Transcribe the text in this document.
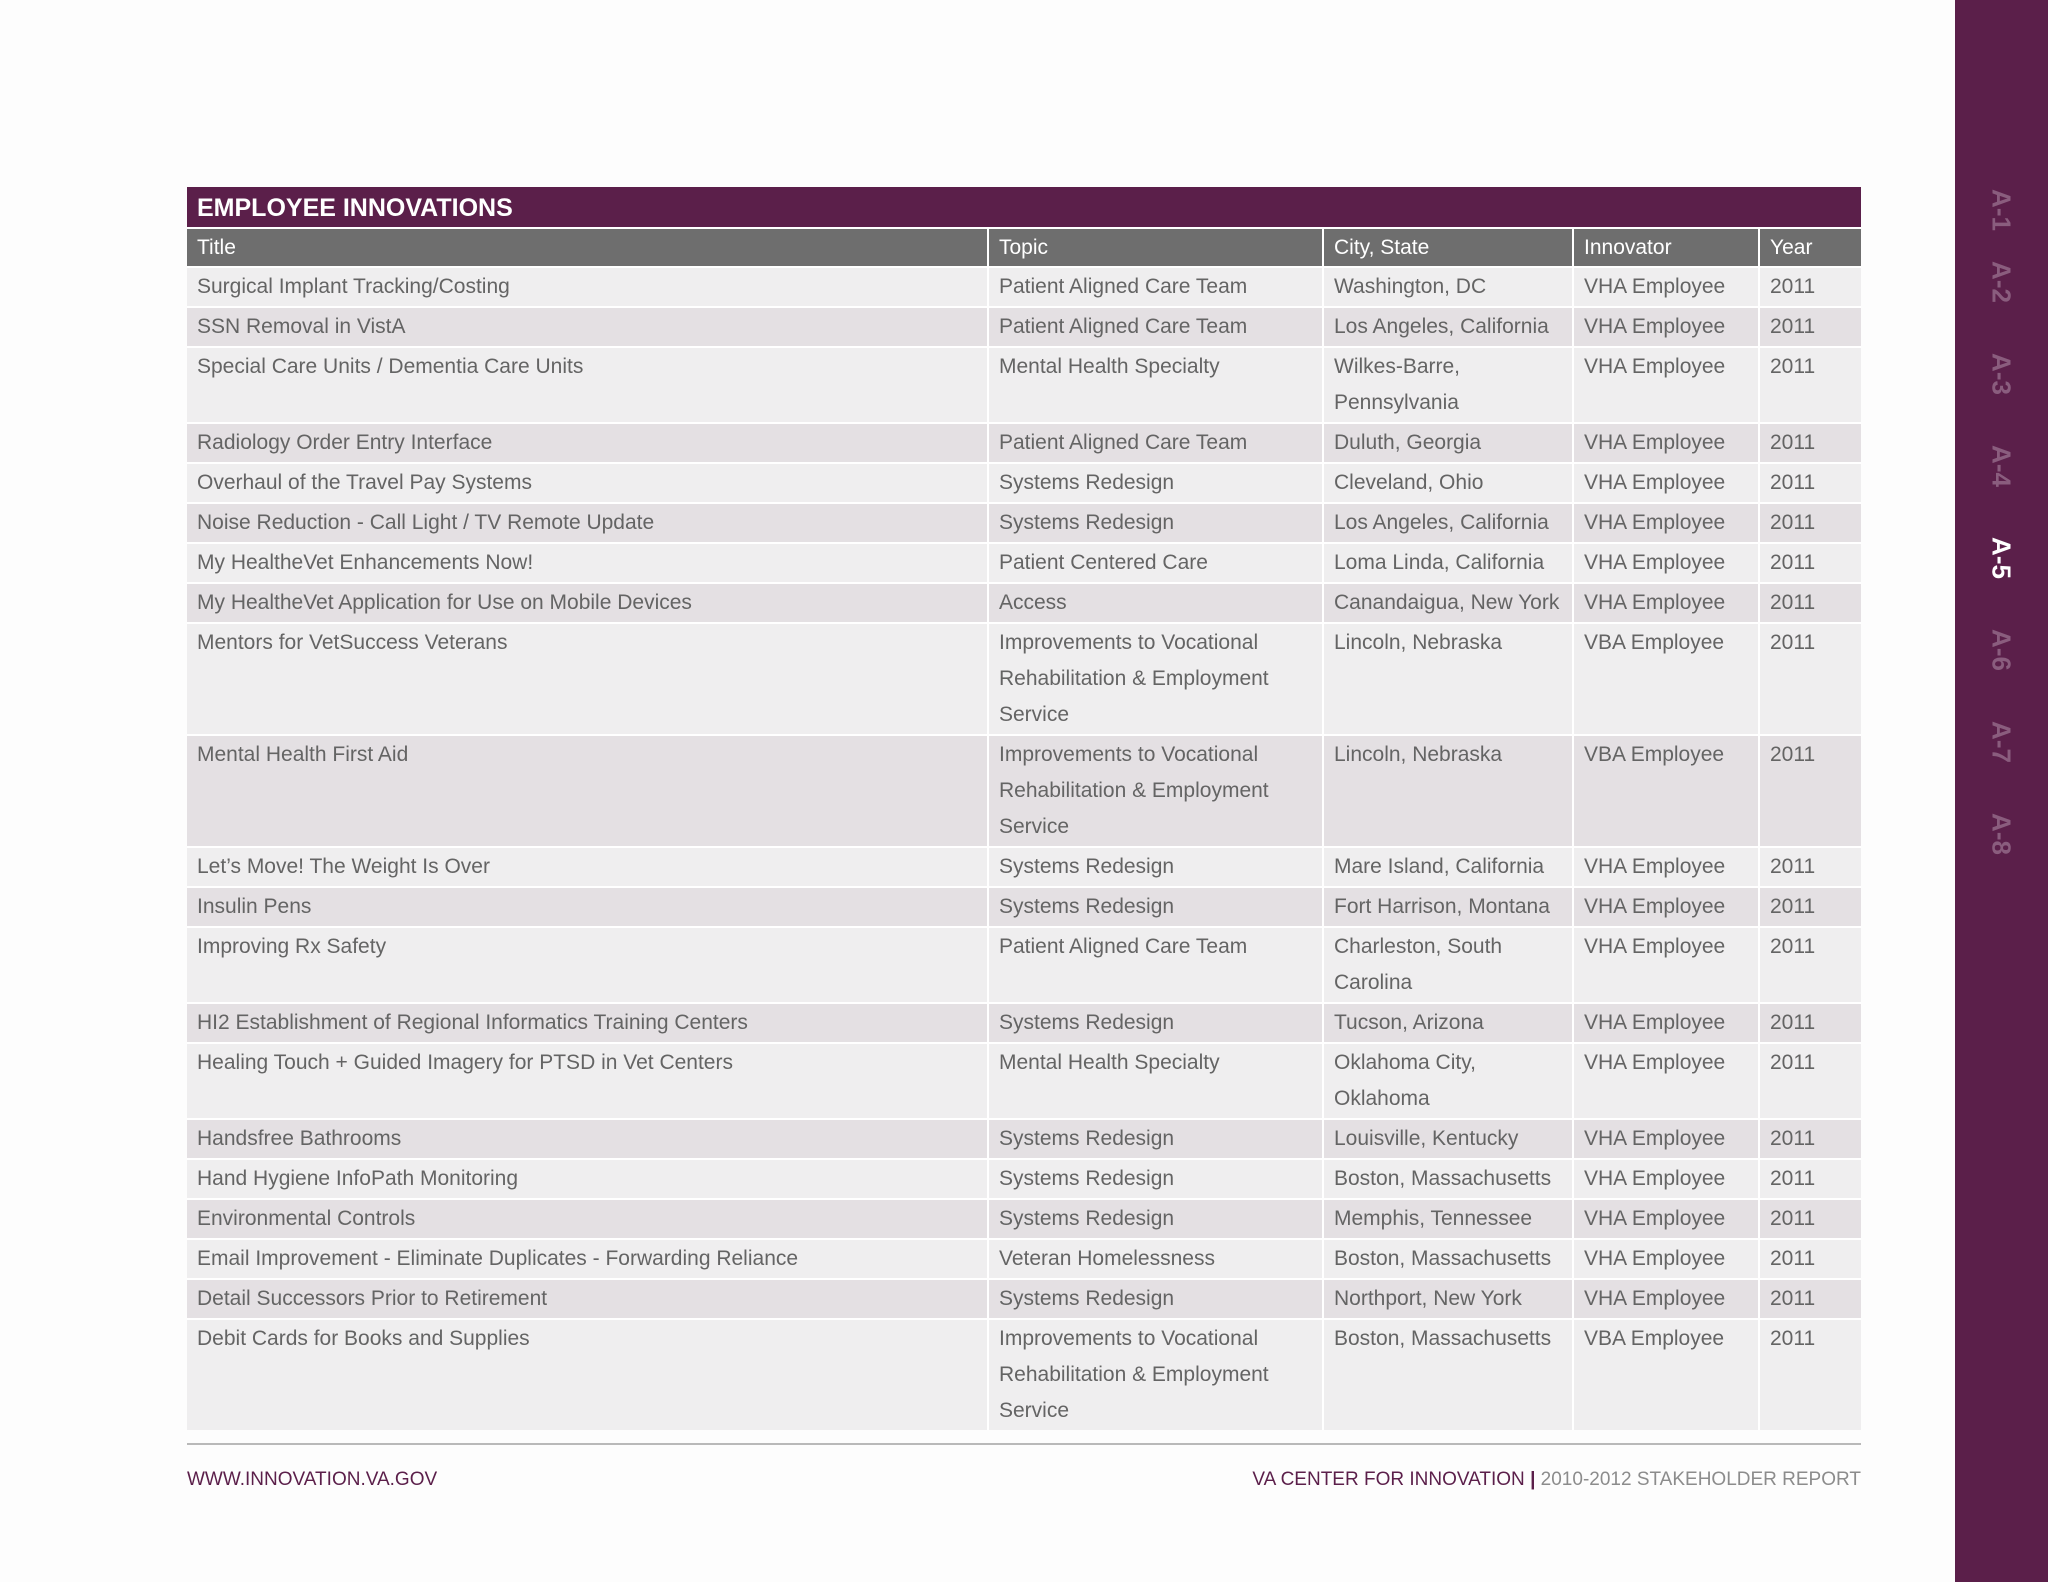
EMPLOYEE INNOVATIONS
Title	Topic	City, State	Innovator	Year
Surgical Implant Tracking/Costing	Patient Aligned Care Team	Washington, DC	VHA Employee	2011
SSN Removal in VistA	Patient Aligned Care Team	Los Angeles, California	VHA Employee	2011
Special Care Units / Dementia Care Units	Mental Health Specialty	Wilkes-Barre, Pennsylvania	VHA Employee	2011
Radiology Order Entry Interface	Patient Aligned Care Team	Duluth, Georgia	VHA Employee	2011
Overhaul of the Travel Pay Systems	Systems Redesign	Cleveland, Ohio	VHA Employee	2011
Noise Reduction - Call Light / TV Remote Update	Systems Redesign	Los Angeles, California	VHA Employee	2011
My HealtheVet Enhancements Now!	Patient Centered Care	Loma Linda, California	VHA Employee	2011
My HealtheVet Application for Use on Mobile Devices	Access	Canandaigua, New York	VHA Employee	2011
Mentors for VetSuccess Veterans	Improvements to Vocational Rehabilitation & Employment Service	Lincoln, Nebraska	VBA Employee	2011
Mental Health First Aid	Improvements to Vocational Rehabilitation & Employment Service	Lincoln, Nebraska	VBA Employee	2011
Let’s Move! The Weight Is Over	Systems Redesign	Mare Island, California	VHA Employee	2011
Insulin Pens	Systems Redesign	Fort Harrison, Montana	VHA Employee	2011
Improving Rx Safety	Patient Aligned Care Team	Charleston, South Carolina	VHA Employee	2011
HI2 Establishment of Regional Informatics Training Centers	Systems Redesign	Tucson, Arizona	VHA Employee	2011
Healing Touch + Guided Imagery for PTSD in Vet Centers	Mental Health Specialty	Oklahoma City, Oklahoma	VHA Employee	2011
Handsfree Bathrooms	Systems Redesign	Louisville, Kentucky	VHA Employee	2011
Hand Hygiene InfoPath Monitoring	Systems Redesign	Boston, Massachusetts	VHA Employee	2011
Environmental Controls	Systems Redesign	Memphis, Tennessee	VHA Employee	2011
Email Improvement - Eliminate Duplicates - Forwarding Reliance	Veteran Homelessness	Boston, Massachusetts	VHA Employee	2011
Detail Successors Prior to Retirement	Systems Redesign	Northport, New York	VHA Employee	2011
Debit Cards for Books and Supplies	Improvements to Vocational Rehabilitation & Employment Service	Boston, Massachusetts	VBA Employee	2011
A-1
A-2
A-3
A-4
A-5
A-6
A-7
A-8
WWW.INNOVATION.VA.GOV	VA CENTER FOR INNOVATION | 2010-2012 STAKEHOLDER REPORT
